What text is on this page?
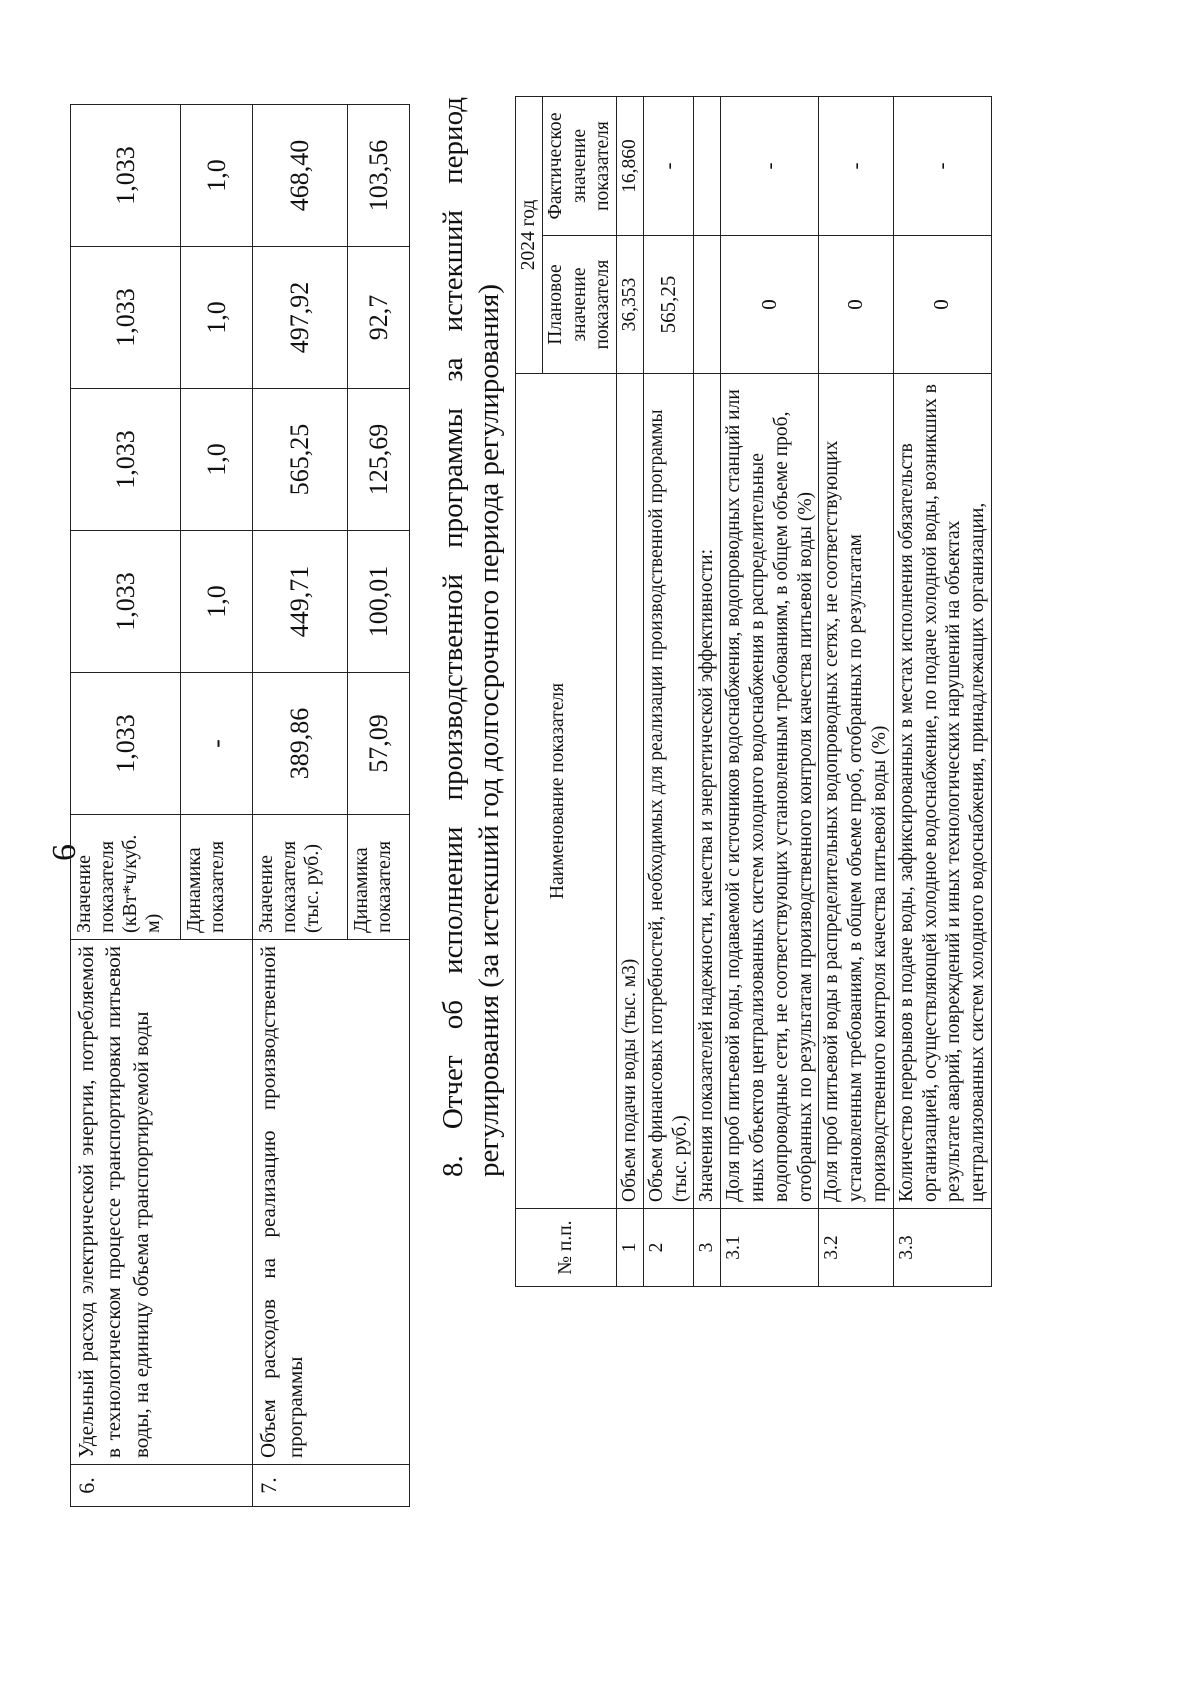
6
6.	Удельный расход электрической энергии, потребляемой в технологическом процессе транспортировки питьевой воды, на единицу объема транспортируемой воды	Значение показателя (кВт*ч/куб. м)	1,033	1,033	1,033	1,033	1,033
		Динамика показателя	-	1,0	1,0	1,0	1,0
7.	Объем расходов на реализацию производственной программы	Значение показателя (тыс. руб.)	389,86	449,71	565,25	497,92	468,40
		Динамика показателя	57,09	100,01	125,69	92,7	103,56 8. Отчет об исполнении производственной программы за истекший период регулирования (за истекший год долгосрочного периода регулирования)
№ п.п.	Наименование показателя	2024 год	
		Плановое значение показателя	Фактическое значение показателя
1	Объем подачи воды (тыс. м3)	36,353	16,860
2	Объем финансовых потребностей, необходимых для реализации производственной программы (тыс. руб.)	565,25	-
3	Значения показателей надежности, качества и энергетической эффективности:		
3.1	Доля проб питьевой воды, подаваемой с источников водоснабжения, водопроводных станций или иных объектов централизованных систем холодного водоснабжения в распределительные водопроводные сети, не соответствующих установленным требованиям, в общем объеме проб, отобранных по результатам производственного контроля качества питьевой воды (%)	0	-
3.2	Доля проб питьевой воды в распределительных водопроводных сетях, не соответствующих установленным требованиям, в общем объеме проб, отобранных по результатам производственного контроля качества питьевой воды (%)	0	-
3.3	Количество перерывов в подаче воды, зафиксированных в местах исполнения обязательств организацией, осуществляющей холодное водоснабжение, по подаче холодной воды, возникших в результате аварий, повреждений и иных технологических нарушений на объектах централизованных систем холодного водоснабжения, принадлежащих организации,	0	-
